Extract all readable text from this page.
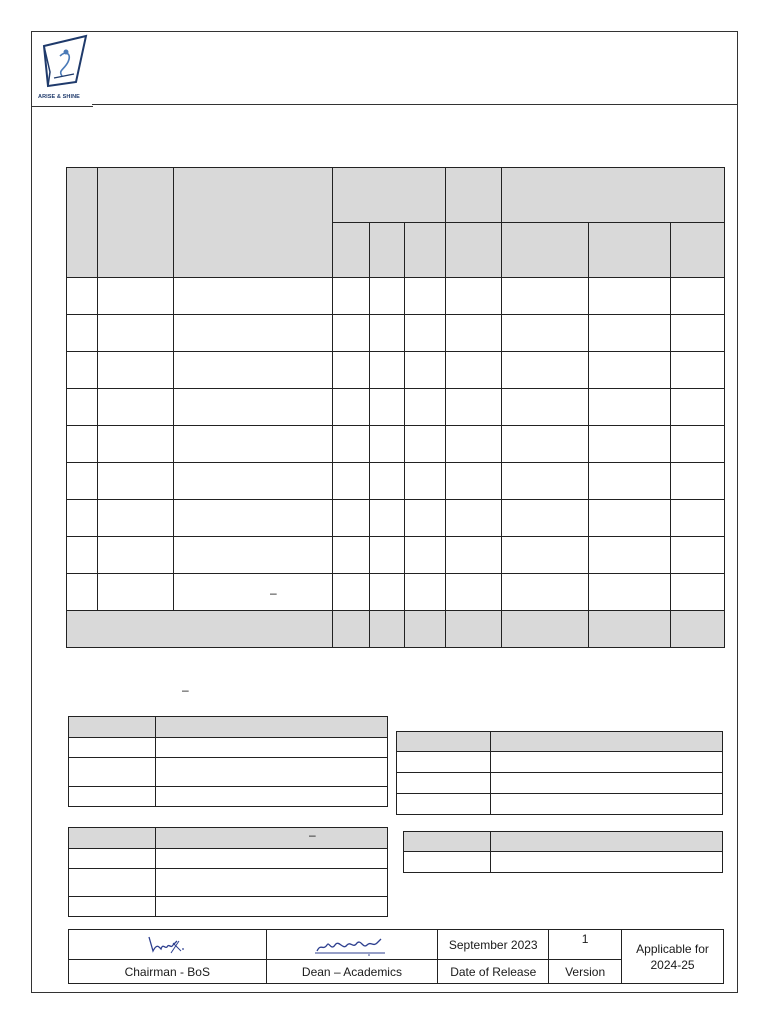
ARISE & SHINE

–
–

–

	September 2023	1	Applicable for 2024-25
Chairman - BoS	Dean – Academics	Date of Release	Version	
